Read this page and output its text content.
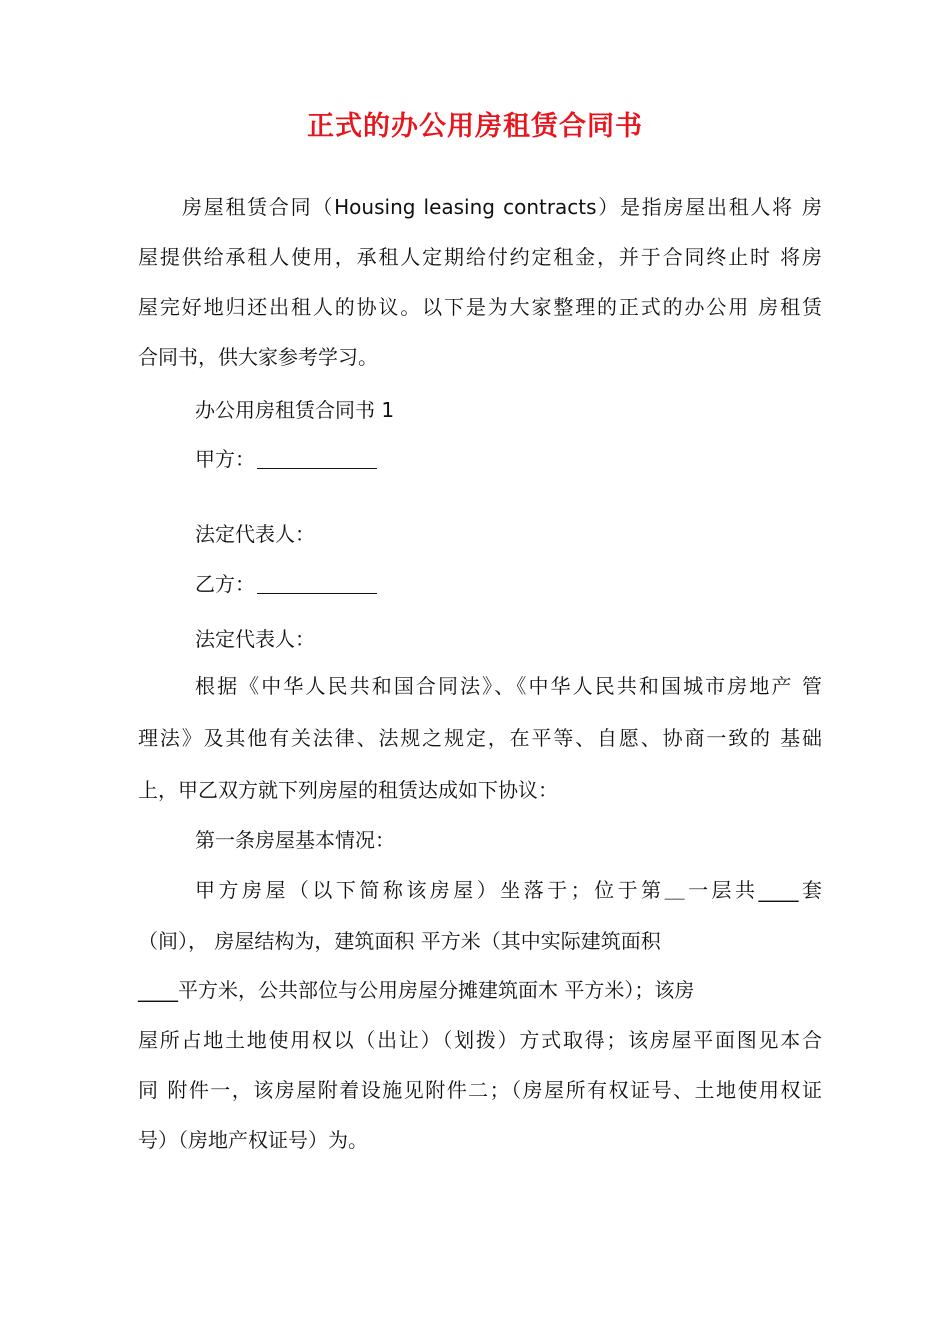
正式的办公用房租赁合同书
房屋租赁合同（Housing leasing contracts）是指房屋出租人将 房
屋提供给承租人使用，承租人定期给付约定租金，并于合同终止时 将房
屋完好地归还出租人的协议。以下是为大家整理的正式的办公用 房租赁
合同书，供大家参考学习。
办公用房租赁合同书 1
甲方：
法定代表人：
乙方：
法定代表人：
根据《中华人民共和国合同法》、《中华人民共和国城市房地产 管
理法》及其他有关法律、法规之规定，在平等、自愿、协商一致的 基础
上，甲乙双方就下列房屋的租赁达成如下协议：
第一条房屋基本情况：
甲方房屋（以下简称该房屋）坐落于；位于第＿一层共____套
（间）， 房屋结构为，建筑面积 平方米（其中实际建筑面积
____平方米，公共部位与公用房屋分摊建筑面木 平方米）；该房
屋所占地土地使用权以（出让）（划拨）方式取得；该房屋平面图见本合
同 附件一，该房屋附着设施见附件二；（房屋所有权证号、土地使用权证
号）（房地产权证号）为。
